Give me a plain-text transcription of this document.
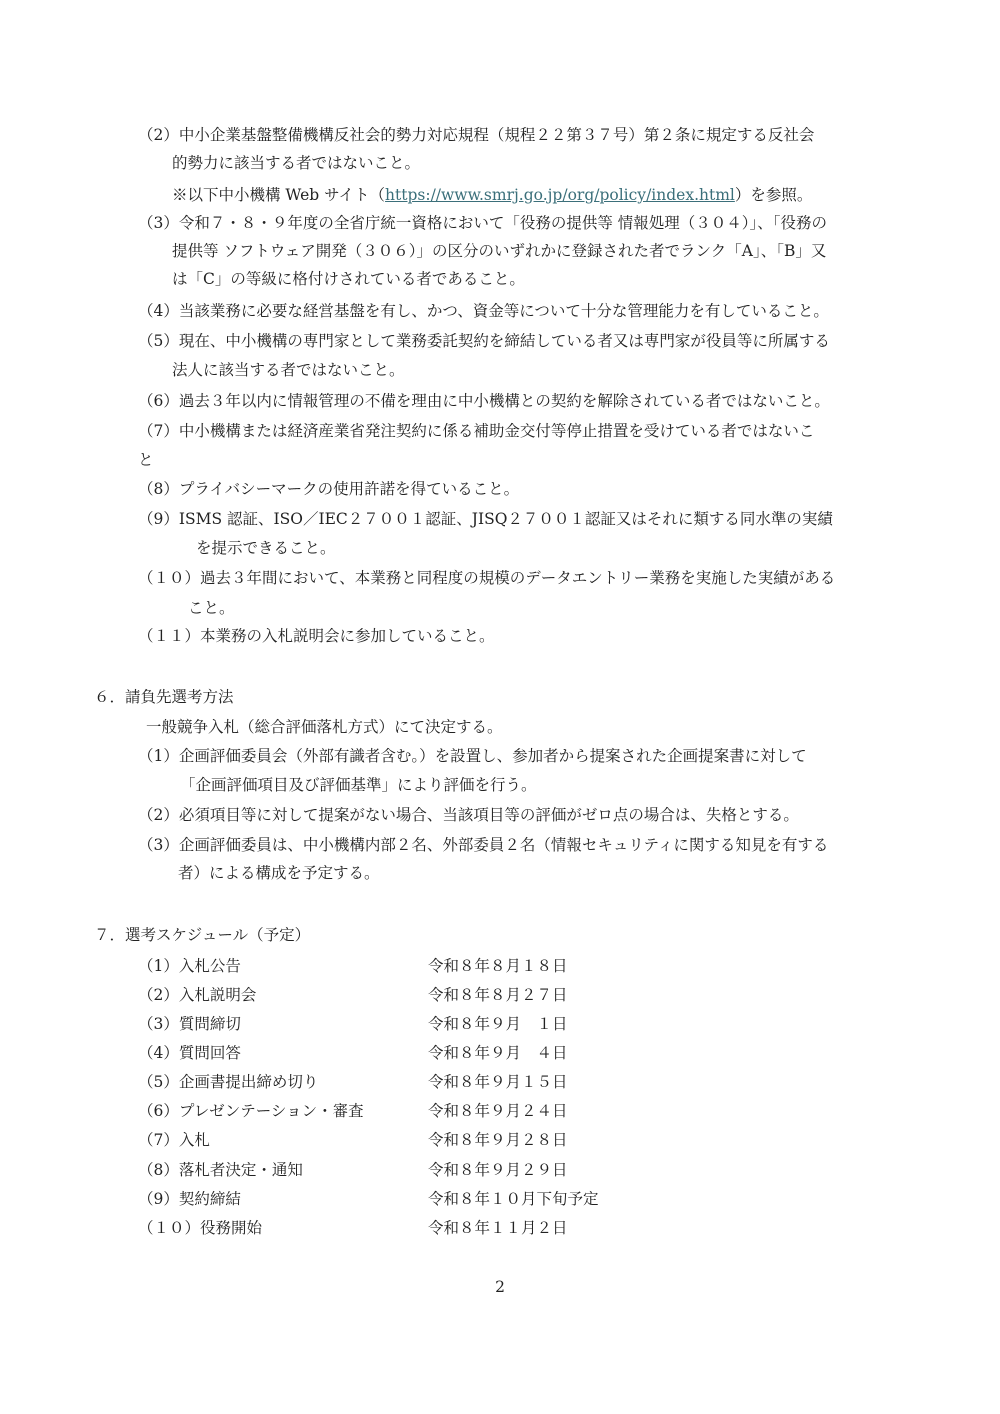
（2）中小企業基盤整備機構反社会的勢力対応規程（規程２２第３７号）第２条に規定する反社会
的勢力に該当する者ではないこと。
※以下中小機構 Web サイト（https://www.smrj.go.jp/org/policy/index.html）を参照。
（3）令和７・８・９年度の全省庁統一資格において「役務の提供等 情報処理（３０４）」、「役務の
提供等 ソフトウェア開発（３０６）」の区分のいずれかに登録された者でランク「A」、「B」又
は「C」の等級に格付けされている者であること。
（4）当該業務に必要な経営基盤を有し、かつ、資金等について十分な管理能力を有していること。
（5）現在、中小機構の専門家として業務委託契約を締結している者又は専門家が役員等に所属する
法人に該当する者ではないこと。
（6）過去３年以内に情報管理の不備を理由に中小機構との契約を解除されている者ではないこと。
（7）中小機構または経済産業省発注契約に係る補助金交付等停止措置を受けている者ではないこ
と
（8）プライバシーマークの使用許諾を得ていること。
（9）ISMS 認証、ISO／IEC２７００１認証、JISQ２７００１認証又はそれに類する同水準の実績
を提示できること。
（１０）過去３年間において、本業務と同程度の規模のデータエントリー業務を実施した実績がある
こと。
（１１）本業務の入札説明会に参加していること。
６．請負先選考方法
一般競争入札（総合評価落札方式）にて決定する。
（1）企画評価委員会（外部有識者含む。）を設置し、参加者から提案された企画提案書に対して
「企画評価項目及び評価基準」により評価を行う。
（2）必須項目等に対して提案がない場合、当該項目等の評価がゼロ点の場合は、失格とする。
（3）企画評価委員は、中小機構内部２名、外部委員２名（情報セキュリティに関する知見を有する
者）による構成を予定する。
７．選考スケジュール（予定）
（1）入札公告	令和８年８月１８日
（2）入札説明会	令和８年８月２７日
（3）質問締切	令和８年９月　１日
（4）質問回答	令和８年９月　４日
（5）企画書提出締め切り	令和８年９月１５日
（6）プレゼンテーション・審査	令和８年９月２４日
（7）入札	令和８年９月２８日
（8）落札者決定・通知	令和８年９月２９日
（9）契約締結	令和８年１０月下旬予定
（１０）役務開始	令和８年１１月２日
2
